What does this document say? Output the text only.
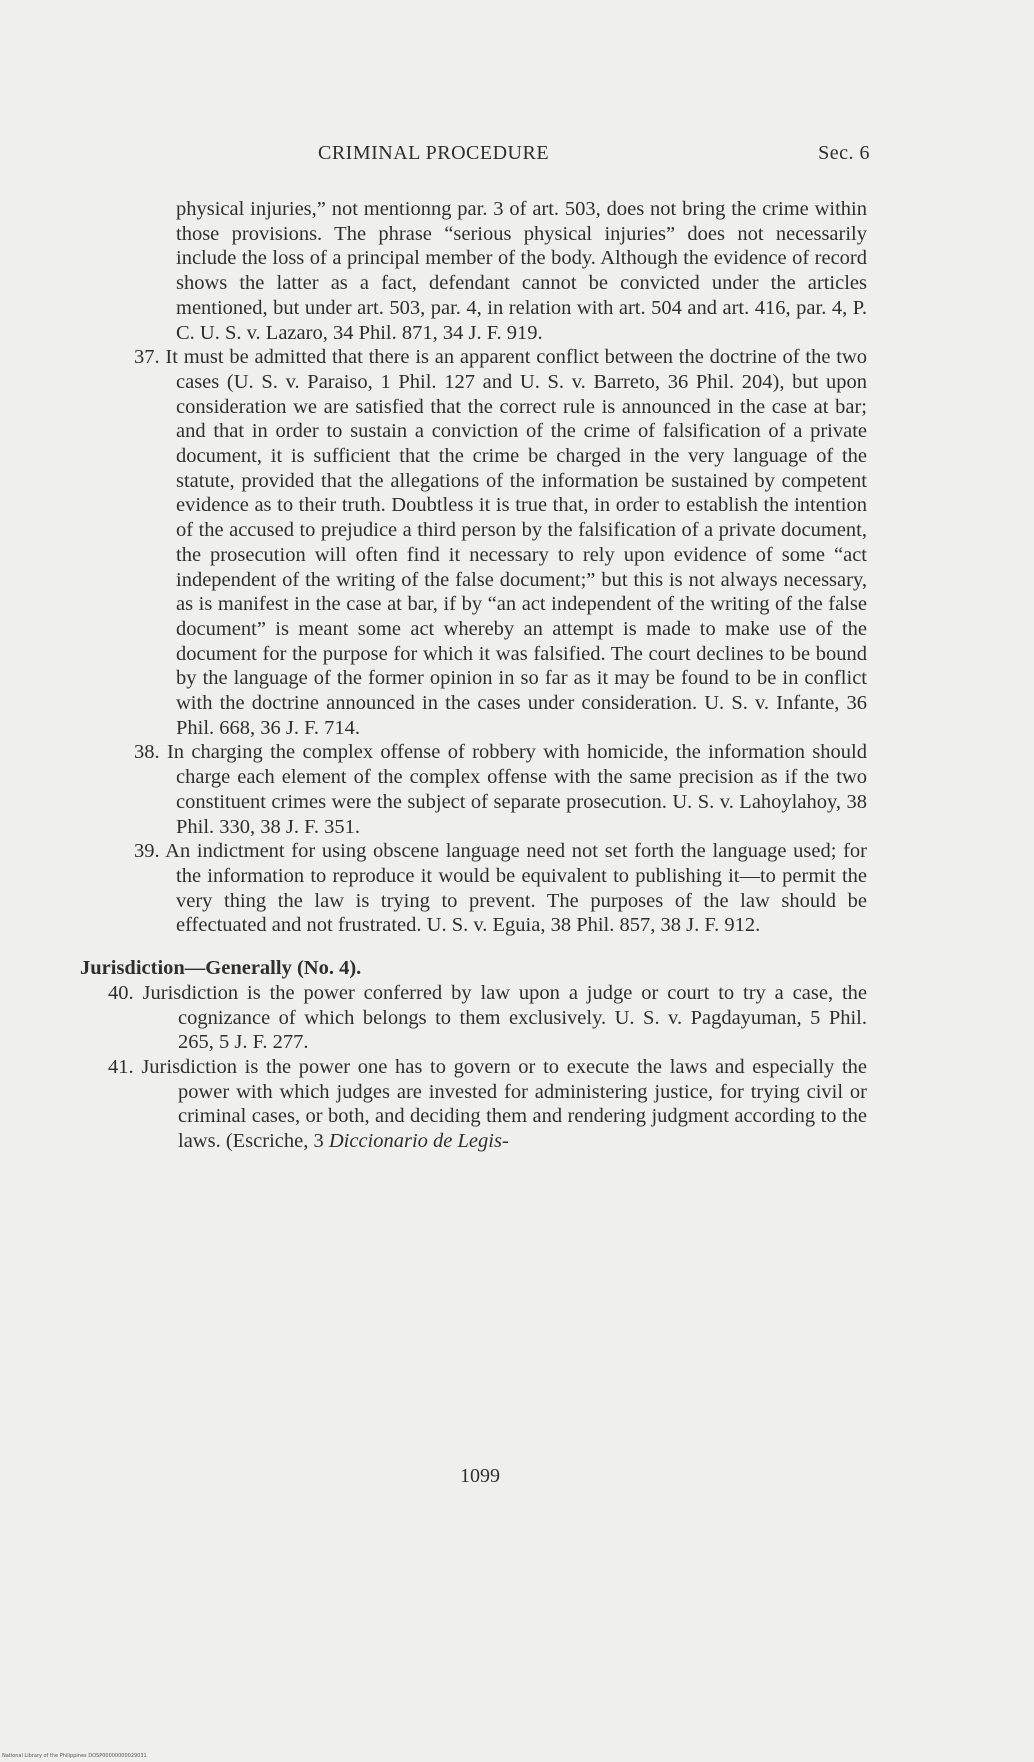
CRIMINAL PROCEDURE	Sec. 6

physical injuries,” not mentionng par. 3 of art. 503, does not bring the crime within those provisions. The phrase “serious physical injuries” does not necessarily include the loss of a principal member of the body. Although the evidence of record shows the latter as a fact, defendant cannot be convicted under the articles mentioned, but under art. 503, par. 4, in relation with art. 504 and art. 416, par. 4, P. C. U. S. v. Lazaro, 34 Phil. 871, 34 J. F. 919.

37. It must be admitted that there is an apparent conflict between the doctrine of the two cases (U. S. v. Paraiso, 1 Phil. 127 and U. S. v. Barreto, 36 Phil. 204), but upon consideration we are satisfied that the correct rule is announced in the case at bar; and that in order to sustain a conviction of the crime of falsification of a private document, it is sufficient that the crime be charged in the very language of the statute, provided that the allegations of the information be sustained by competent evidence as to their truth. Doubtless it is true that, in order to establish the intention of the accused to prejudice a third person by the falsification of a private document, the prosecution will often find it necessary to rely upon evidence of some “act independent of the writing of the false document;” but this is not always necessary, as is manifest in the case at bar, if by “an act independent of the writing of the false document” is meant some act whereby an attempt is made to make use of the document for the purpose for which it was falsified. The court declines to be bound by the language of the former opinion in so far as it may be found to be in conflict with the doctrine announced in the cases under consideration. U. S. v. Infante, 36 Phil. 668, 36 J. F. 714.

38. In charging the complex offense of robbery with homicide, the information should charge each element of the complex offense with the same precision as if the two constituent crimes were the subject of separate prosecution. U. S. v. Lahoylahoy, 38 Phil. 330, 38 J. F. 351.

39. An indictment for using obscene language need not set forth the language used; for the information to reproduce it would be equivalent to publishing it—to permit the very thing the law is trying to prevent. The purposes of the law should be effectuated and not frustrated. U. S. v. Eguia, 38 Phil. 857, 38 J. F. 912.

Jurisdiction—Generally (No. 4).

40. Jurisdiction is the power conferred by law upon a judge or court to try a case, the cognizance of which belongs to them exclusively. U. S. v. Pagdayuman, 5 Phil. 265, 5 J. F. 277.

41. Jurisdiction is the power one has to govern or to execute the laws and especially the power with which judges are invested for administering justice, for trying civil or criminal cases, or both, and deciding them and rendering judgment according to the laws. (Escriche, 3 Diccionario de Legis-

1099
National Library of the Philippines DOSP00000000029031
